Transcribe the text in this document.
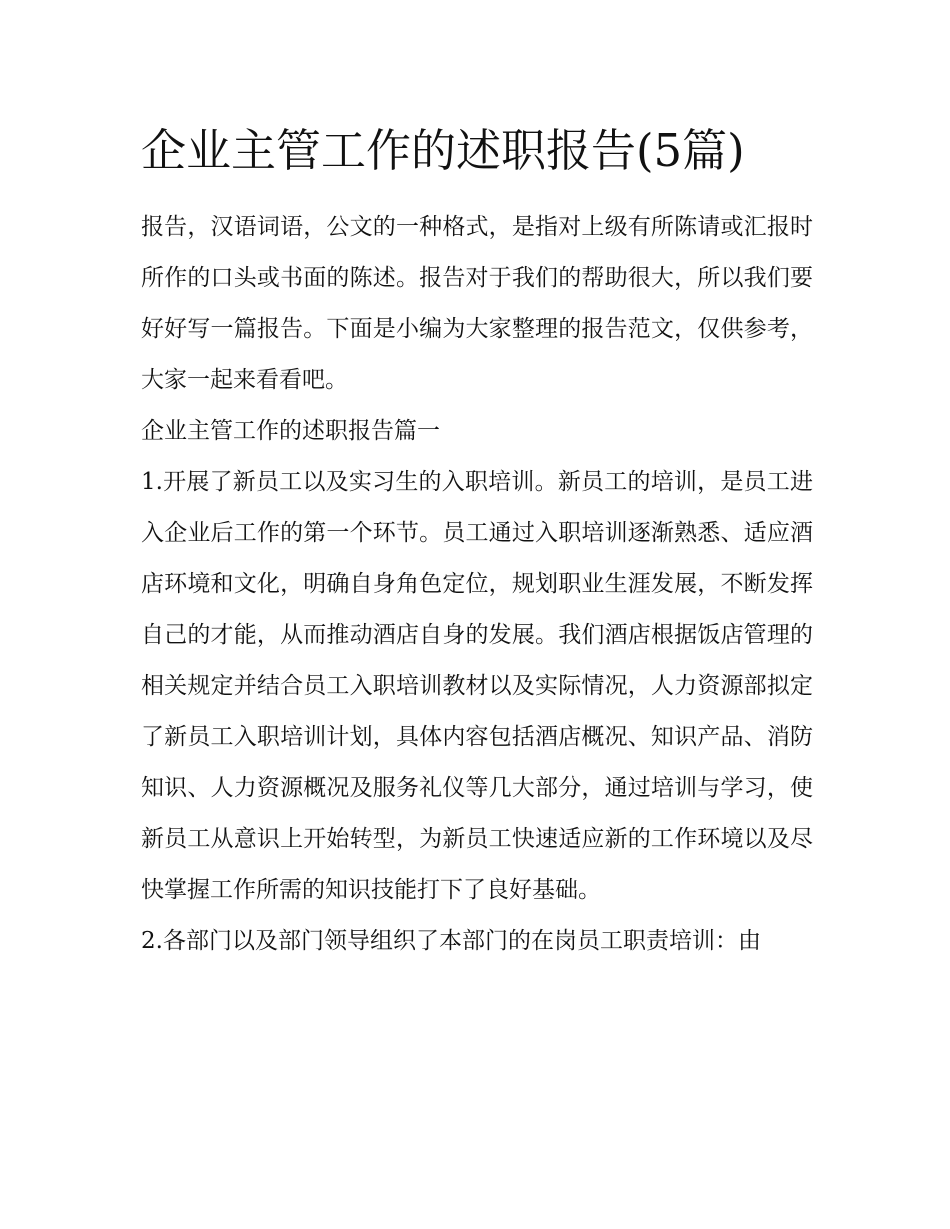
企业主管工作的述职报告(5篇)

报告，汉语词语，公文的一种格式，是指对上级有所陈请或汇报时所作的口头或书面的陈述。报告对于我们的帮助很大，所以我们要好好写一篇报告。下面是小编为大家整理的报告范文，仅供参考，大家一起来看看吧。

企业主管工作的述职报告篇一

1.开展了新员工以及实习生的入职培训。新员工的培训，是员工进入企业后工作的第一个环节。员工通过入职培训逐渐熟悉、适应酒店环境和文化，明确自身角色定位，规划职业生涯发展，不断发挥自己的才能，从而推动酒店自身的发展。我们酒店根据饭店管理的相关规定并结合员工入职培训教材以及实际情况，人力资源部拟定了新员工入职培训计划，具体内容包括酒店概况、知识产品、消防知识、人力资源概况及服务礼仪等几大部分，通过培训与学习，使新员工从意识上开始转型，为新员工快速适应新的工作环境以及尽快掌握工作所需的知识技能打下了良好基础。

2.各部门以及部门领导组织了本部门的在岗员工职责培训：由
